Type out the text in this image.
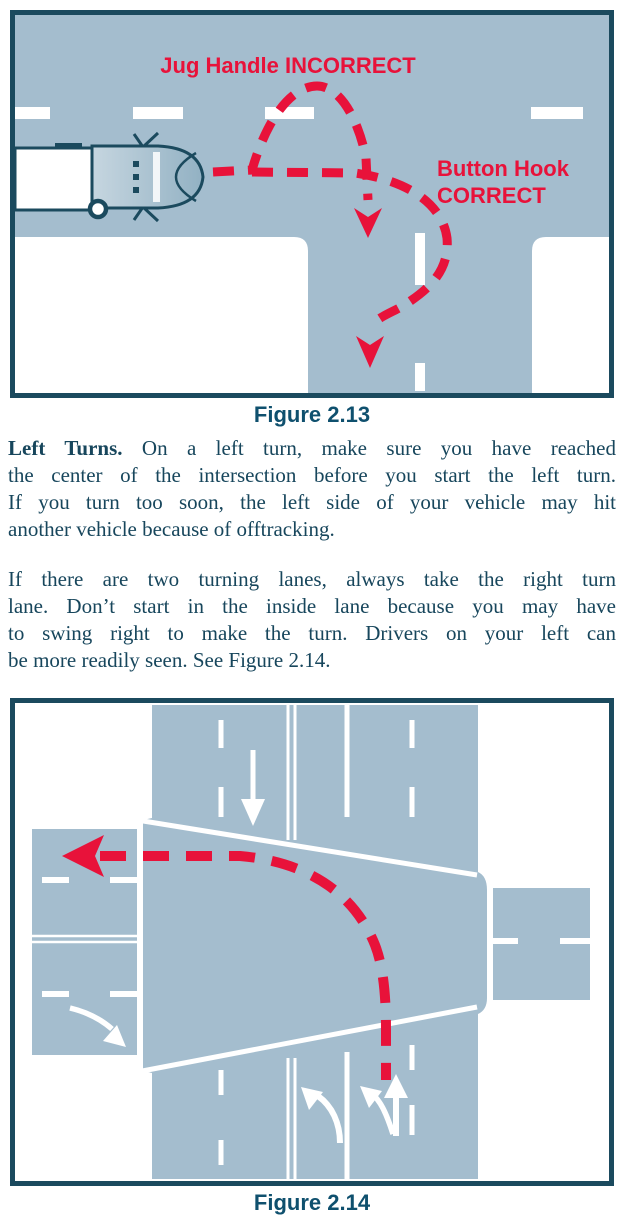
Jug Handle INCORRECT
Button Hook
CORRECT
Figure 2.13
Left Turns. On a left turn, make sure you have reached
the center of the intersection before you start the left turn.
If you turn too soon, the left side of your vehicle may hit
another vehicle because of offtracking.
If there are two turning lanes, always take the right turn
lane. Don’t start in the inside lane because you may have
to swing right to make the turn. Drivers on your left can
be more readily seen. See Figure 2.14.
Figure 2.14
